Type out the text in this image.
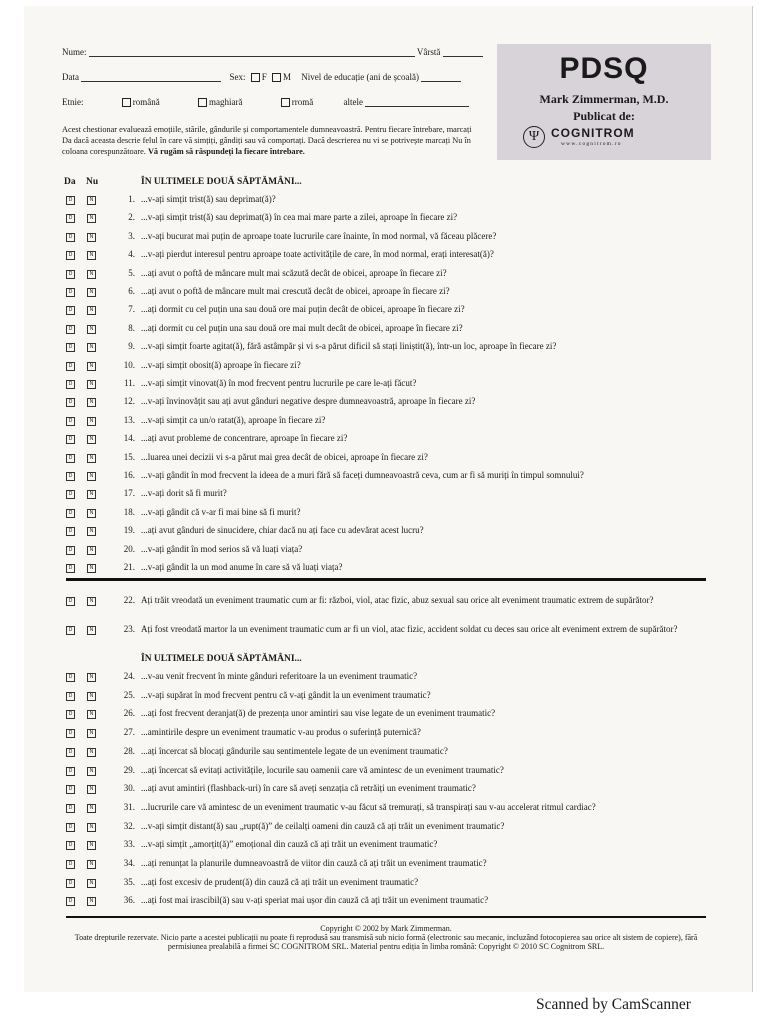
Nume:	Vârstă
Data	Sex: F M Nivel de educație (ani de școală)
Etnie:	română	maghiară	rromă	altele
Acest chestionar evaluează emoțiile, stările, gândurile și comportamentele dumneavoastră. Pentru fiecare întrebare, marcați Da dacă aceasta descrie felul în care vă simțiți, gândiți sau vă comportați. Dacă descrierea nu vi se potrivește marcați Nu în coloana corespunzătoare. Vă rugăm să răspundeți la fiecare întrebare.
PDSQ
Mark Zimmerman, M.D.
Publicat de:
Ψ COGNITROM
www.cognitrom.ro
Da Nu	ÎN ULTIMELE DOUĂ SĂPTĂMÂNI...
D	N	1. ...v-ați simțit trist(ă) sau deprimat(ă)?
D	N	2. ...v-ați simțit trist(ă) sau deprimat(ă) în cea mai mare parte a zilei, aproape în fiecare zi?
D	N	3. ...v-ați bucurat mai puțin de aproape toate lucrurile care înainte, în mod normal, vă făceau plăcere?
D	N	4. ...v-ați pierdut interesul pentru aproape toate activitățile de care, în mod normal, erați interesat(ă)?
D	N	5. ...ați avut o poftă de mâncare mult mai scăzută decât de obicei, aproape în fiecare zi?
D	N	6. ...ați avut o poftă de mâncare mult mai crescută decât de obicei, aproape în fiecare zi?
D	N	7. ...ați dormit cu cel puțin una sau două ore mai puțin decât de obicei, aproape în fiecare zi?
D	N	8. ...ați dormit cu cel puțin una sau două ore mai mult decât de obicei, aproape în fiecare zi?
D	N	9. ...v-ați simțit foarte agitat(ă), fără astâmpăr și vi s-a părut dificil să stați liniștit(ă), într-un loc, aproape în fiecare zi?
D	N	10. ...v-ați simțit obosit(ă) aproape în fiecare zi?
D	N	11. ...v-ați simțit vinovat(ă) în mod frecvent pentru lucrurile pe care le-ați făcut?
D	N	12. ...v-ați învinovățit sau ați avut gânduri negative despre dumneavoastră, aproape în fiecare zi?
D	N	13. ...v-ați simțit ca un/o ratat(ă), aproape în fiecare zi?
D	N	14. ...ați avut probleme de concentrare, aproape în fiecare zi?
D	N	15. ...luarea unei decizii vi s-a părut mai grea decât de obicei, aproape în fiecare zi?
D	N	16. ...v-ați gândit în mod frecvent la ideea de a muri fără să faceți dumneavoastră ceva, cum ar fi să muriți în timpul somnului?
D	N	17. ...v-ați dorit să fi murit?
D	N	18. ...v-ați gândit că v-ar fi mai bine să fi murit?
D	N	19. ...ați avut gânduri de sinucidere, chiar dacă nu ați face cu adevărat acest lucru?
D	N	20. ...v-ați gândit în mod serios să vă luați viața?
D	N	21. ...v-ați gândit la un mod anume în care să vă luați viața?
D	N	22. Ați trăit vreodată un eveniment traumatic cum ar fi: război, viol, atac fizic, abuz sexual sau orice alt eveniment traumatic extrem de supărător?
D	N	23. Ați fost vreodată martor la un eveniment traumatic cum ar fi un viol, atac fizic, accident soldat cu deces sau orice alt eveniment extrem de supărător?
ÎN ULTIMELE DOUĂ SĂPTĂMÂNI...
D	N	24. ...v-au venit frecvent în minte gânduri referitoare la un eveniment traumatic?
D	N	25. ...v-ați supărat în mod frecvent pentru că v-ați gândit la un eveniment traumatic?
D	N	26. ...ați fost frecvent deranjat(ă) de prezența unor amintiri sau vise legate de un eveniment traumatic?
D	N	27. ...amintirile despre un eveniment traumatic v-au produs o suferință puternică?
D	N	28. ...ați încercat să blocați gândurile sau sentimentele legate de un eveniment traumatic?
D	N	29. ...ați încercat să evitați activitățile, locurile sau oamenii care vă amintesc de un eveniment traumatic?
D	N	30. ...ați avut amintiri (flashback-uri) în care să aveți senzația că retrăiți un eveniment traumatic?
D	N	31. ...lucrurile care vă amintesc de un eveniment traumatic v-au făcut să tremurați, să transpirați sau v-au accelerat ritmul cardiac?
D	N	32. ...v-ați simțit distant(ă) sau „rupt(ă)” de ceilalți oameni din cauză că ați trăit un eveniment traumatic?
D	N	33. ...v-ați simțit „amorțit(ă)” emoțional din cauză că ați trăit un eveniment traumatic?
D	N	34. ...ați renunțat la planurile dumneavoastră de viitor din cauză că ați trăit un eveniment traumatic?
D	N	35. ...ați fost excesiv de prudent(ă) din cauză că ați trăit un eveniment traumatic?
D	N	36. ...ați fost mai irascibil(ă) sau v-ați speriat mai ușor din cauză că ați trăit un eveniment traumatic?
Copyright © 2002 by Mark Zimmerman.
Toate drepturile rezervate. Nicio parte a acestei publicații nu poate fi reprodusă sau transmisă sub nicio formă (electronic sau mecanic, incluzând fotocopierea sau orice alt sistem de copiere), fără permisiunea prealabilă a firmei SC COGNITROM SRL. Material pentru ediția în limba română: Copyright © 2010 SC Cognitrom SRL.
Scanned by CamScanner
